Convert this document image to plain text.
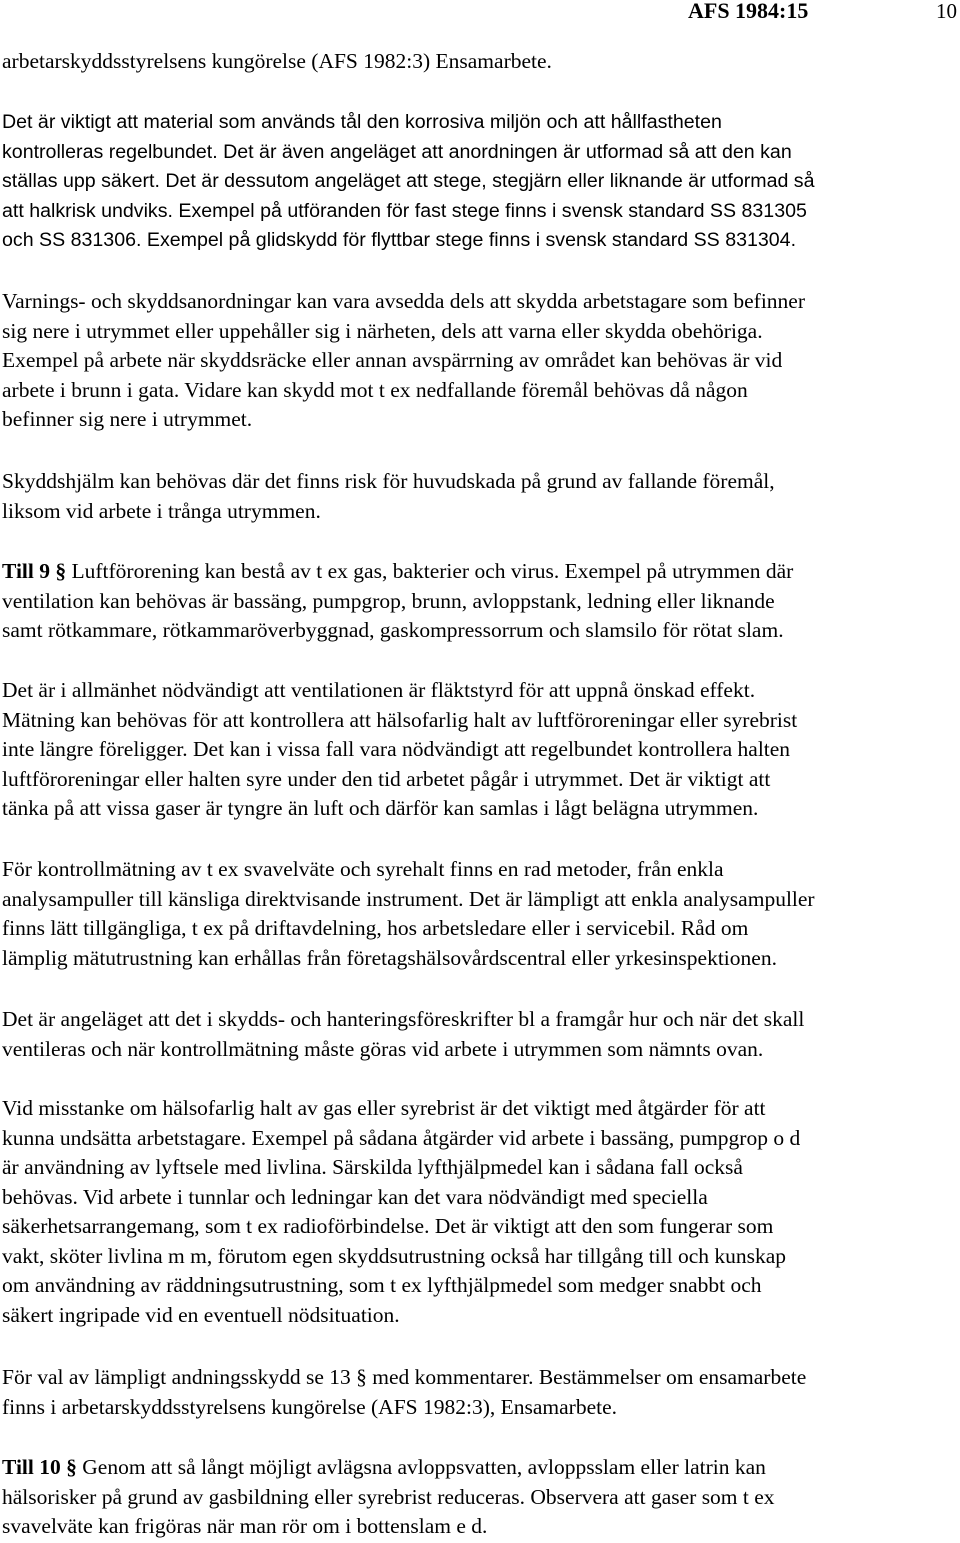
AFS 1984:15	10

arbetarskyddsstyrelsens kungörelse (AFS 1982:3) Ensamarbete.
Det är viktigt att material som används tål den korrosiva miljön och att hållfastheten kontrolleras regelbundet. Det är även angeläget att anordningen är utformad så att den kan ställas upp säkert. Det är dessutom angeläget att stege, stegjärn eller liknande är utformad så att halkrisk undviks. Exempel på utföranden för fast stege finns i svensk standard SS 831305 och SS 831306. Exempel på glidskydd för flyttbar stege finns i svensk standard SS 831304.
Varnings- och skyddsanordningar kan vara avsedda dels att skydda arbetstagare som befinner sig nere i utrymmet eller uppehåller sig i närheten, dels att varna eller skydda obehöriga. Exempel på arbete när skyddsräcke eller annan avspärrning av området kan behövas är vid arbete i brunn i gata. Vidare kan skydd mot t ex nedfallande föremål behövas då någon befinner sig nere i utrymmet.
Skyddshjälm kan behövas där det finns risk för huvudskada på grund av fallande föremål, liksom vid arbete i trånga utrymmen.
Till 9 § Luftförorening kan bestå av t ex gas, bakterier och virus. Exempel på utrymmen där ventilation kan behövas är bassäng, pumpgrop, brunn, avloppstank, ledning eller liknande samt rötkammare, rötkammaröverbyggnad, gaskompressorrum och slamsilo för rötat slam.
Det är i allmänhet nödvändigt att ventilationen är fläktstyrd för att uppnå önskad effekt. Mätning kan behövas för att kontrollera att hälsofarlig halt av luftföroreningar eller syrebrist inte längre föreligger. Det kan i vissa fall vara nödvändigt att regelbundet kontrollera halten luftföroreningar eller halten syre under den tid arbetet pågår i utrymmet. Det är viktigt att tänka på att vissa gaser är tyngre än luft och därför kan samlas i lågt belägna utrymmen.
För kontrollmätning av t ex svavelväte och syrehalt finns en rad metoder, från enkla analysampuller till känsliga direktvisande instrument. Det är lämpligt att enkla analysampuller finns lätt tillgängliga, t ex på driftavdelning, hos arbetsledare eller i servicebil. Råd om lämplig mätutrustning kan erhållas från företagshälsovårdscentral eller yrkesinspektionen.
Det är angeläget att det i skydds- och hanteringsföreskrifter bl a framgår hur och när det skall ventileras och när kontrollmätning måste göras vid arbete i utrymmen som nämnts ovan.
Vid misstanke om hälsofarlig halt av gas eller syrebrist är det viktigt med åtgärder för att kunna undsätta arbetstagare. Exempel på sådana åtgärder vid arbete i bassäng, pumpgrop o d är användning av lyftsele med livlina. Särskilda lyfthjälpmedel kan i sådana fall också behövas. Vid arbete i tunnlar och ledningar kan det vara nödvändigt med speciella säkerhetsarrangemang, som t ex radioförbindelse. Det är viktigt att den som fungerar som vakt, sköter livlina m m, förutom egen skyddsutrustning också har tillgång till och kunskap om användning av räddningsutrustning, som t ex lyfthjälpmedel som medger snabbt och säkert ingripade vid en eventuell nödsituation.
För val av lämpligt andningsskydd se 13 § med kommentarer. Bestämmelser om ensamarbete finns i arbetarskyddsstyrelsens kungörelse (AFS 1982:3), Ensamarbete.
Till 10 § Genom att så långt möjligt avlägsna avloppsvatten, avloppsslam eller latrin kan hälsorisker på grund av gasbildning eller syrebrist reduceras. Observera att gaser som t ex svavelväte kan frigöras när man rör om i bottenslam e d.
